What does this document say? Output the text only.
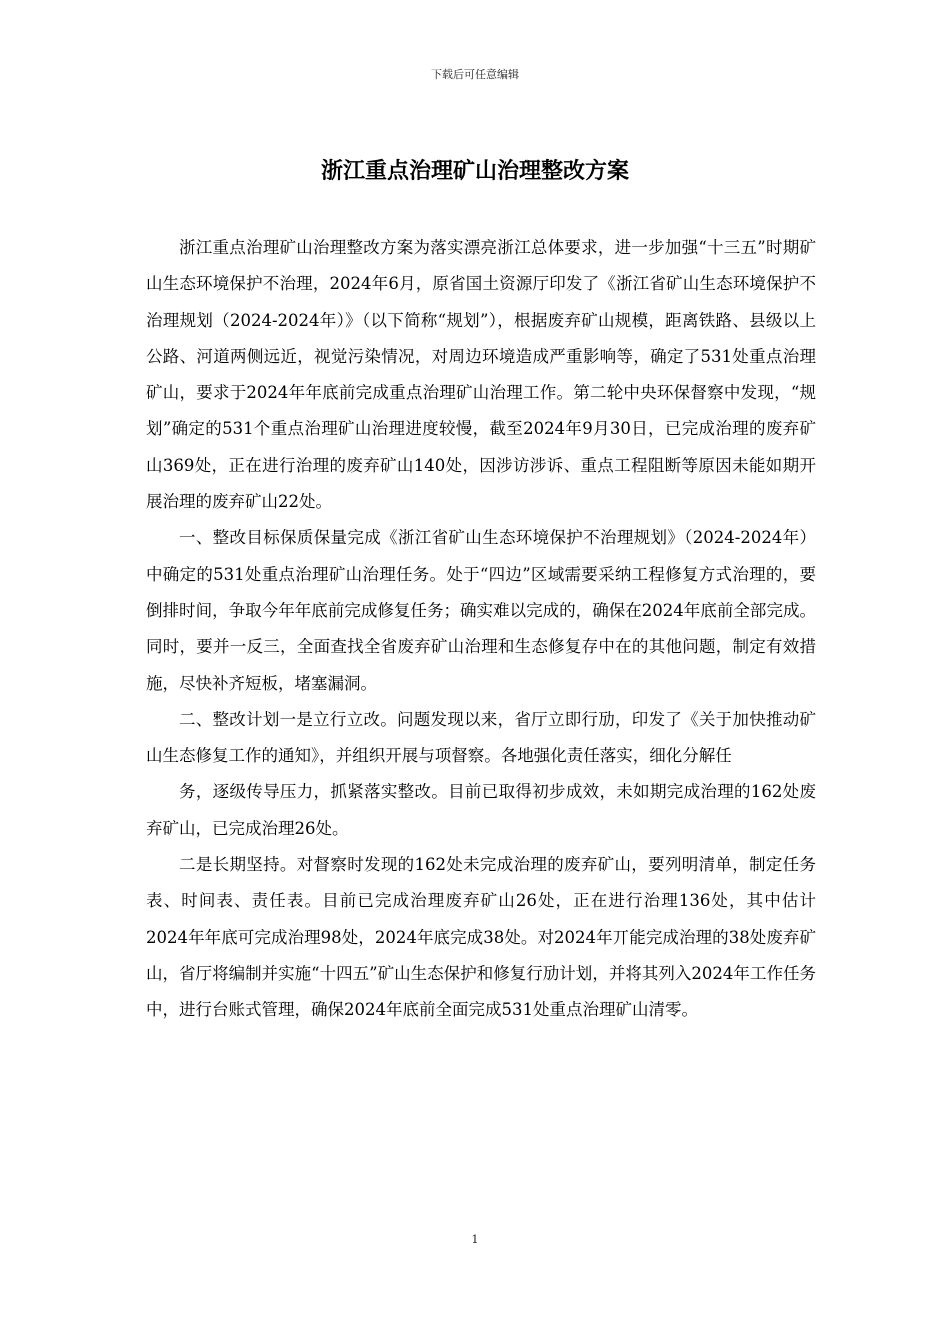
下载后可任意编辑
浙江重点治理矿山治理整改方案

浙江重点治理矿山治理整改方案为落实漂亮浙江总体要求，进一步加强“十三五”时期矿山生态环境保护不治理，2024年6月，原省国土资源厅印发了《浙江省矿山生态环境保护不治理规划（2024-2024年）》（以下简称“规划”），根据废弃矿山规模，距离铁路、县级以上公路、河道两侧远近，视觉污染情况，对周边环境造成严重影响等，确定了531处重点治理矿山，要求于2024年年底前完成重点治理矿山治理工作。第二轮中央环保督察中发现，“规划”确定的531个重点治理矿山治理进度较慢，截至2024年9月30日，已完成治理的废弃矿山369处，正在进行治理的废弃矿山140处，因涉访涉诉、重点工程阻断等原因未能如期开展治理的废弃矿山22处。

一、整改目标保质保量完成《浙江省矿山生态环境保护不治理规划》（2024-2024年）中确定的531处重点治理矿山治理任务。处于“四边”区域需要采纳工程修复方式治理的，要倒排时间，争取今年年底前完成修复任务；确实难以完成的，确保在2024年底前全部完成。同时，要并一反三，全面查找全省废弃矿山治理和生态修复存中在的其他问题，制定有效措施，尽快补齐短板，堵塞漏洞。

二、整改计划一是立行立改。问题发现以来，省厅立即行劢，印发了《关于加快推动矿山生态修复工作的通知》，并组织开展与项督察。各地强化责任落实，细化分解任

务，逐级传导压力，抓紧落实整改。目前已取得初步成效，未如期完成治理的162处废弃矿山，已完成治理26处。

二是长期坚持。对督察时发现的162处未完成治理的废弃矿山，要列明清单，制定任务表、时间表、责任表。目前已完成治理废弃矿山26处，正在进行治理136处，其中估计2024年年底可完成治理98处，2024年底完成38处。对2024年丌能完成治理的38处废弃矿山，省厅将编制并实施“十四五”矿山生态保护和修复行劢计划，并将其列入2024年工作任务中，进行台账式管理，确保2024年底前全面完成531处重点治理矿山清零。

1
